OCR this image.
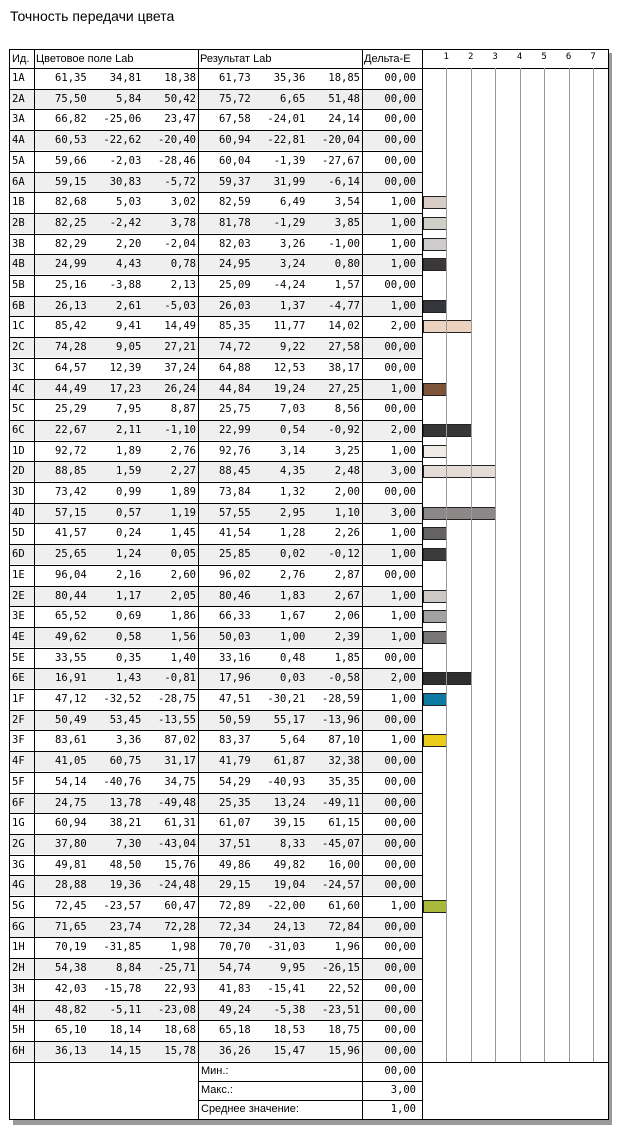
Точность передачи цвета
Ид. Цветовое поле Lab	Результат Lab	Дельта-E	1 2 3 4 5 6 7
1A	61,35	34,81	18,38	61,73	35,36	18,85	00,00
2A	75,50	5,84	50,42	75,72	6,65	51,48	00,00
3A	66,82	-25,06	23,47	67,58	-24,01	24,14	00,00
4A	60,53	-22,62	-20,40	60,94	-22,81	-20,04	00,00
5A	59,66	-2,03	-28,46	60,04	-1,39	-27,67	00,00
6A	59,15	30,83	-5,72	59,37	31,99	-6,14	00,00
1B	82,68	5,03	3,02	82,59	6,49	3,54	1,00
2B	82,25	-2,42	3,78	81,78	-1,29	3,85	1,00
3B	82,29	2,20	-2,04	82,03	3,26	-1,00	1,00
4B	24,99	4,43	0,78	24,95	3,24	0,80	1,00
5B	25,16	-3,88	2,13	25,09	-4,24	1,57	00,00
6B	26,13	2,61	-5,03	26,03	1,37	-4,77	1,00
1C	85,42	9,41	14,49	85,35	11,77	14,02	2,00
2C	74,28	9,05	27,21	74,72	9,22	27,58	00,00
3C	64,57	12,39	37,24	64,88	12,53	38,17	00,00
4C	44,49	17,23	26,24	44,84	19,24	27,25	1,00
5C	25,29	7,95	8,87	25,75	7,03	8,56	00,00
6C	22,67	2,11	-1,10	22,99	0,54	-0,92	2,00
1D	92,72	1,89	2,76	92,76	3,14	3,25	1,00
2D	88,85	1,59	2,27	88,45	4,35	2,48	3,00
3D	73,42	0,99	1,89	73,84	1,32	2,00	00,00
4D	57,15	0,57	1,19	57,55	2,95	1,10	3,00
5D	41,57	0,24	1,45	41,54	1,28	2,26	1,00
6D	25,65	1,24	0,05	25,85	0,02	-0,12	1,00
1E	96,04	2,16	2,60	96,02	2,76	2,87	00,00
2E	80,44	1,17	2,05	80,46	1,83	2,67	1,00
3E	65,52	0,69	1,86	66,33	1,67	2,06	1,00
4E	49,62	0,58	1,56	50,03	1,00	2,39	1,00
5E	33,55	0,35	1,40	33,16	0,48	1,85	00,00
6E	16,91	1,43	-0,81	17,96	0,03	-0,58	2,00
1F	47,12	-32,52	-28,75	47,51	-30,21	-28,59	1,00
2F	50,49	53,45	-13,55	50,59	55,17	-13,96	00,00
3F	83,61	3,36	87,02	83,37	5,64	87,10	1,00
4F	41,05	60,75	31,17	41,79	61,87	32,38	00,00
5F	54,14	-40,76	34,75	54,29	-40,93	35,35	00,00
6F	24,75	13,78	-49,48	25,35	13,24	-49,11	00,00
1G	60,94	38,21	61,31	61,07	39,15	61,15	00,00
2G	37,80	7,30	-43,04	37,51	8,33	-45,07	00,00
3G	49,81	48,50	15,76	49,86	49,82	16,00	00,00
4G	28,88	19,36	-24,48	29,15	19,04	-24,57	00,00
5G	72,45	-23,57	60,47	72,89	-22,00	61,60	1,00
6G	71,65	23,74	72,28	72,34	24,13	72,84	00,00
1H	70,19	-31,85	1,98	70,70	-31,03	1,96	00,00
2H	54,38	8,84	-25,71	54,74	9,95	-26,15	00,00
3H	42,03	-15,78	22,93	41,83	-15,41	22,52	00,00
4H	48,82	-5,11	-23,08	49,24	-5,38	-23,51	00,00
5H	65,10	18,14	18,68	65,18	18,53	18,75	00,00
6H	36,13	14,15	15,78	36,26	15,47	15,96	00,00
Мин.:	00,00
Макс.:	3,00
Среднее значение:	1,00
